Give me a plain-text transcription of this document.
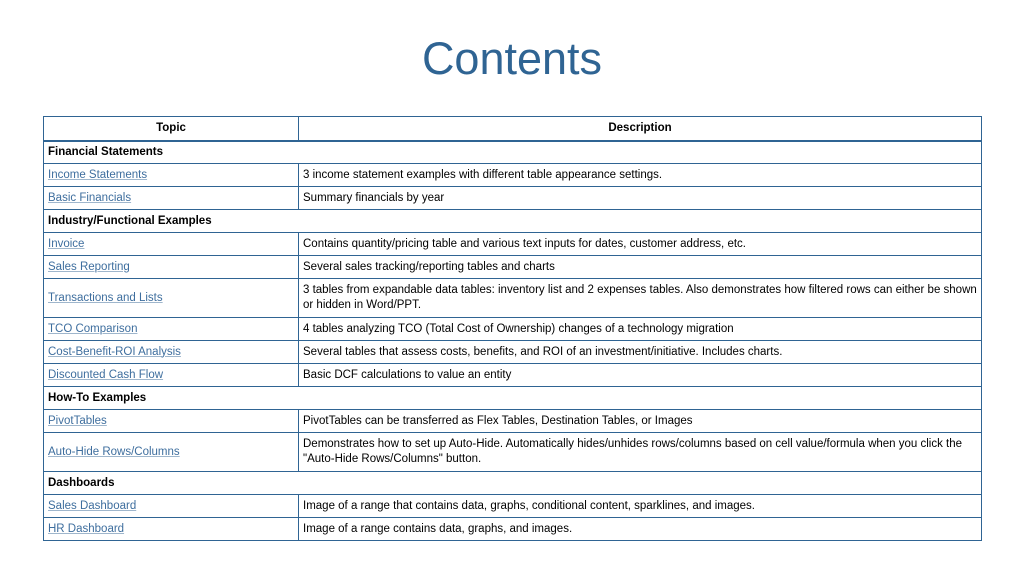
Contents
Topic	Description
Financial Statements	
Income Statements	3 income statement examples with different table appearance settings.
Basic Financials	Summary financials by year
Industry/Functional Examples	
Invoice	Contains quantity/pricing table and various text inputs for dates, customer address, etc.
Sales Reporting	Several sales tracking/reporting tables and charts
Transactions and Lists	3 tables from expandable data tables: inventory list and 2 expenses tables. Also demonstrates how filtered rows can either be shown or hidden in Word/PPT.
TCO Comparison	4 tables analyzing TCO (Total Cost of Ownership) changes of a technology migration
Cost-Benefit-ROI Analysis	Several tables that assess costs, benefits, and ROI of an investment/initiative. Includes charts.
Discounted Cash Flow	Basic DCF calculations to value an entity
How-To Examples	
PivotTables	PivotTables can be transferred as Flex Tables, Destination Tables, or Images
Auto-Hide Rows/Columns	Demonstrates how to set up Auto-Hide. Automatically hides/unhides rows/columns based on cell value/formula when you click the "Auto-Hide Rows/Columns" button.
Dashboards	
Sales Dashboard	Image of a range that contains data, graphs, conditional content, sparklines, and images.
HR Dashboard	Image of a range contains data, graphs, and images.
